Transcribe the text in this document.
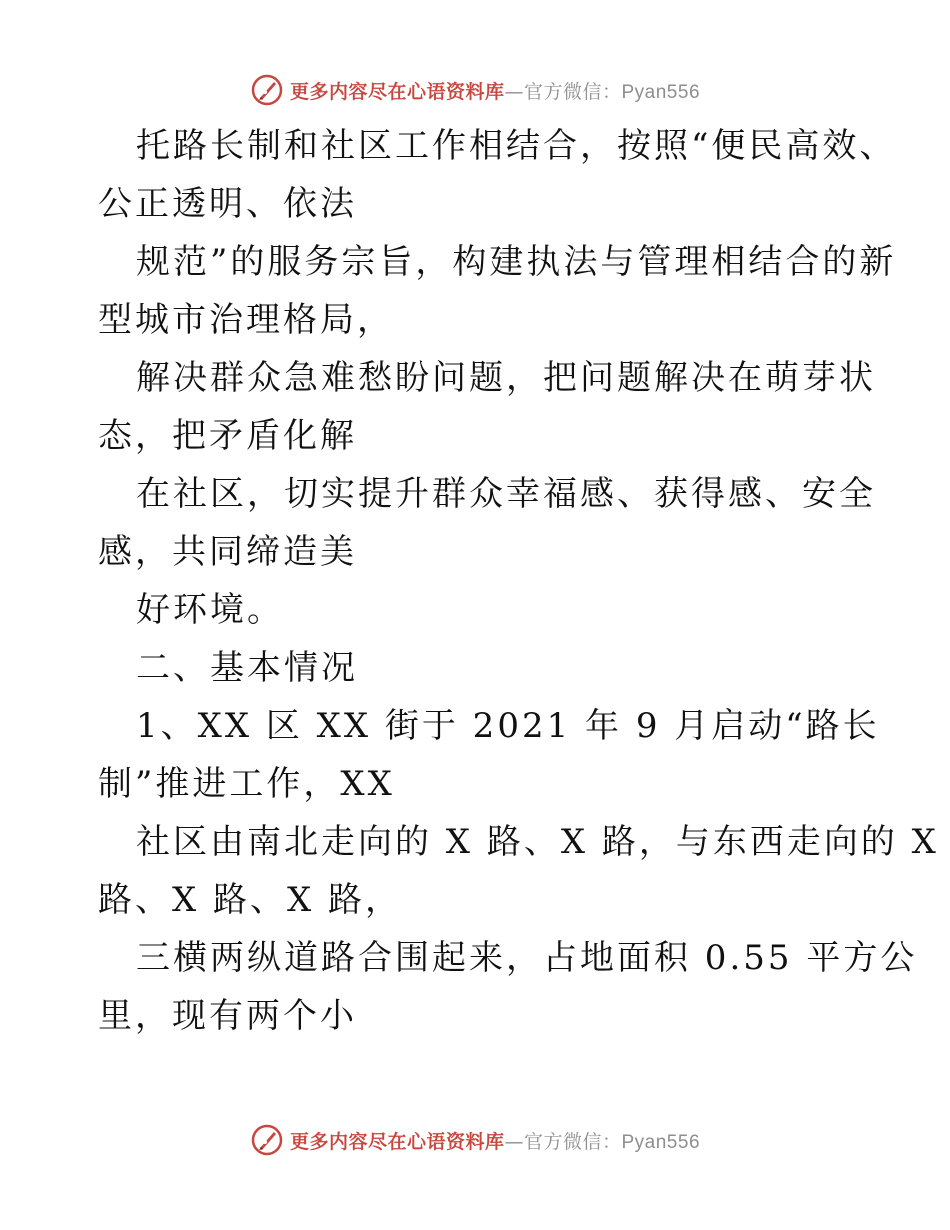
更多内容尽在心语资料库—官方微信：Pyan556
托路长制和社区工作相结合，按照“便民高效、
公正透明、依法
规范”的服务宗旨，构建执法与管理相结合的新
型城市治理格局，
解决群众急难愁盼问题，把问题解决在萌芽状
态，把矛盾化解
在社区，切实提升群众幸福感、获得感、安全
感，共同缔造美
好环境。
二、基本情况
1、XX 区 XX 街于 2021 年 9 月启动“路长
制”推进工作，XX
社区由南北走向的 X 路、X 路，与东西走向的 X
路、X 路、X 路，
三横两纵道路合围起来，占地面积 0.55 平方公
里，现有两个小
更多内容尽在心语资料库—官方微信：Pyan556
